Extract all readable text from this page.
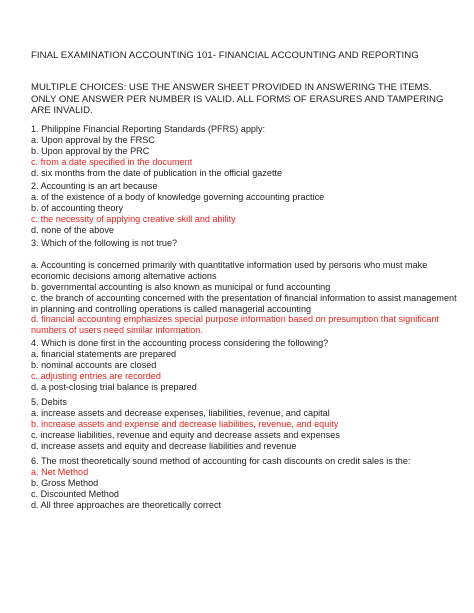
FINAL EXAMINATION ACCOUNTING 101- FINANCIAL ACCOUNTING AND REPORTING
MULTIPLE CHOICES: USE THE ANSWER SHEET PROVIDED IN ANSWERING THE ITEMS. ONLY ONE ANSWER PER NUMBER IS VALID. ALL FORMS OF ERASURES AND TAMPERING ARE INVALID.
1. Philippine Financial Reporting Standards (PFRS) apply:
a. Upon approval by the FRSC
b. Upon approval by the PRC
c. from a date specified in the document
d. six months from the date of publication in the official gazette
2. Accounting is an art because
a. of the existence of a body of knowledge governing accounting practice
b. of accounting theory
c. the necessity of applying creative skill and ability
d. none of the above
3. Which of the following is not true?
a. Accounting is concerned primarily with quantitative information used by persons who must make economic decisions among alternative actions
b. governmental accounting is also known as municipal or fund accounting
c. the branch of accounting concerned with the presentation of financial information to assist management in planning and controlling operations is called managerial accounting
d. financial accounting emphasizes special purpose information based on presumption that significant numbers of users need similar information.
4. Which is done first in the accounting process considering the following?
a. financial statements are prepared
b. nominal accounts are closed
c. adjusting entries are recorded
d. a post-closing trial balance is prepared
5. Debits
a. increase assets and decrease expenses, liabilities, revenue, and capital
b. increase assets and expense and decrease liabilities, revenue, and equity
c. increase liabilities, revenue and equity and decrease assets and expenses
d. increase assets and equity and decrease liabilities and revenue
6. The most theoretically sound method of accounting for cash discounts on credit sales is the:
a. Net Method
b. Gross Method
c. Discounted Method
d. All three approaches are theoretically correct
